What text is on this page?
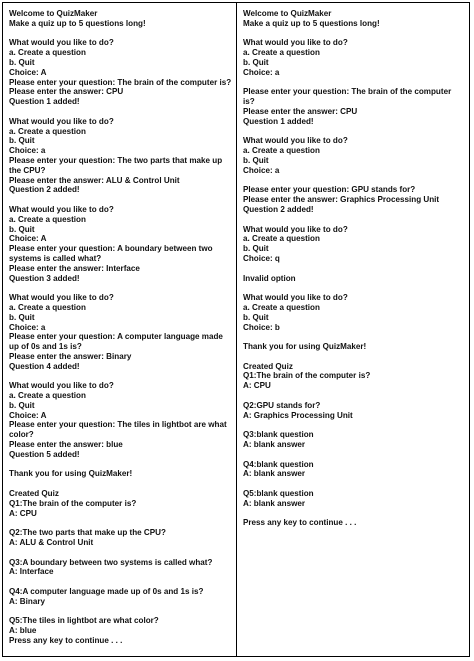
Welcome to QuizMaker
Make a quiz up to 5 questions long!
What would you like to do?
a. Create a question
b. Quit
Choice: A
Please enter your question: The brain of the computer is?
Please enter the answer: CPU
Question 1 added!
What would you like to do?
a. Create a question
b. Quit
Choice: a
Please enter your question: The two parts that make up
the CPU?
Please enter the answer: ALU & Control Unit
Question 2 added!
What would you like to do?
a. Create a question
b. Quit
Choice: A
Please enter your question: A boundary between two
systems is called what?
Please enter the answer: Interface
Question 3 added!
What would you like to do?
a. Create a question
b. Quit
Choice: a
Please enter your question: A computer language made
up of 0s and 1s is?
Please enter the answer: Binary
Question 4 added!
What would you like to do?
a. Create a question
b. Quit
Choice: A
Please enter your question: The tiles in lightbot are what
color?
Please enter the answer: blue
Question 5 added!
Thank you for using QuizMaker!
Created Quiz
Q1:The brain of the computer is?
A: CPU
Q2:The two parts that make up the CPU?
A: ALU & Control Unit
Q3:A boundary between two systems is called what?
A: Interface
Q4:A computer language made up of 0s and 1s is?
A: Binary
Q5:The tiles in lightbot are what color?
A: blue
Press any key to continue . . .
Welcome to QuizMaker
Make a quiz up to 5 questions long!
What would you like to do?
a. Create a question
b. Quit
Choice: a
Please enter your question: The brain of the computer is?
Please enter the answer: CPU
Question 1 added!
What would you like to do?
a. Create a question
b. Quit
Choice: a
Please enter your question: GPU stands for?
Please enter the answer: Graphics Processing Unit
Question 2 added!
What would you like to do?
a. Create a question
b. Quit
Choice: q
Invalid option
What would you like to do?
a. Create a question
b. Quit
Choice: b
Thank you for using QuizMaker!
Created Quiz
Q1:The brain of the computer is?
A: CPU
Q2:GPU stands for?
A: Graphics Processing Unit
Q3:blank question
A: blank answer
Q4:blank question
A: blank answer
Q5:blank question
A: blank answer
Press any key to continue . . .
